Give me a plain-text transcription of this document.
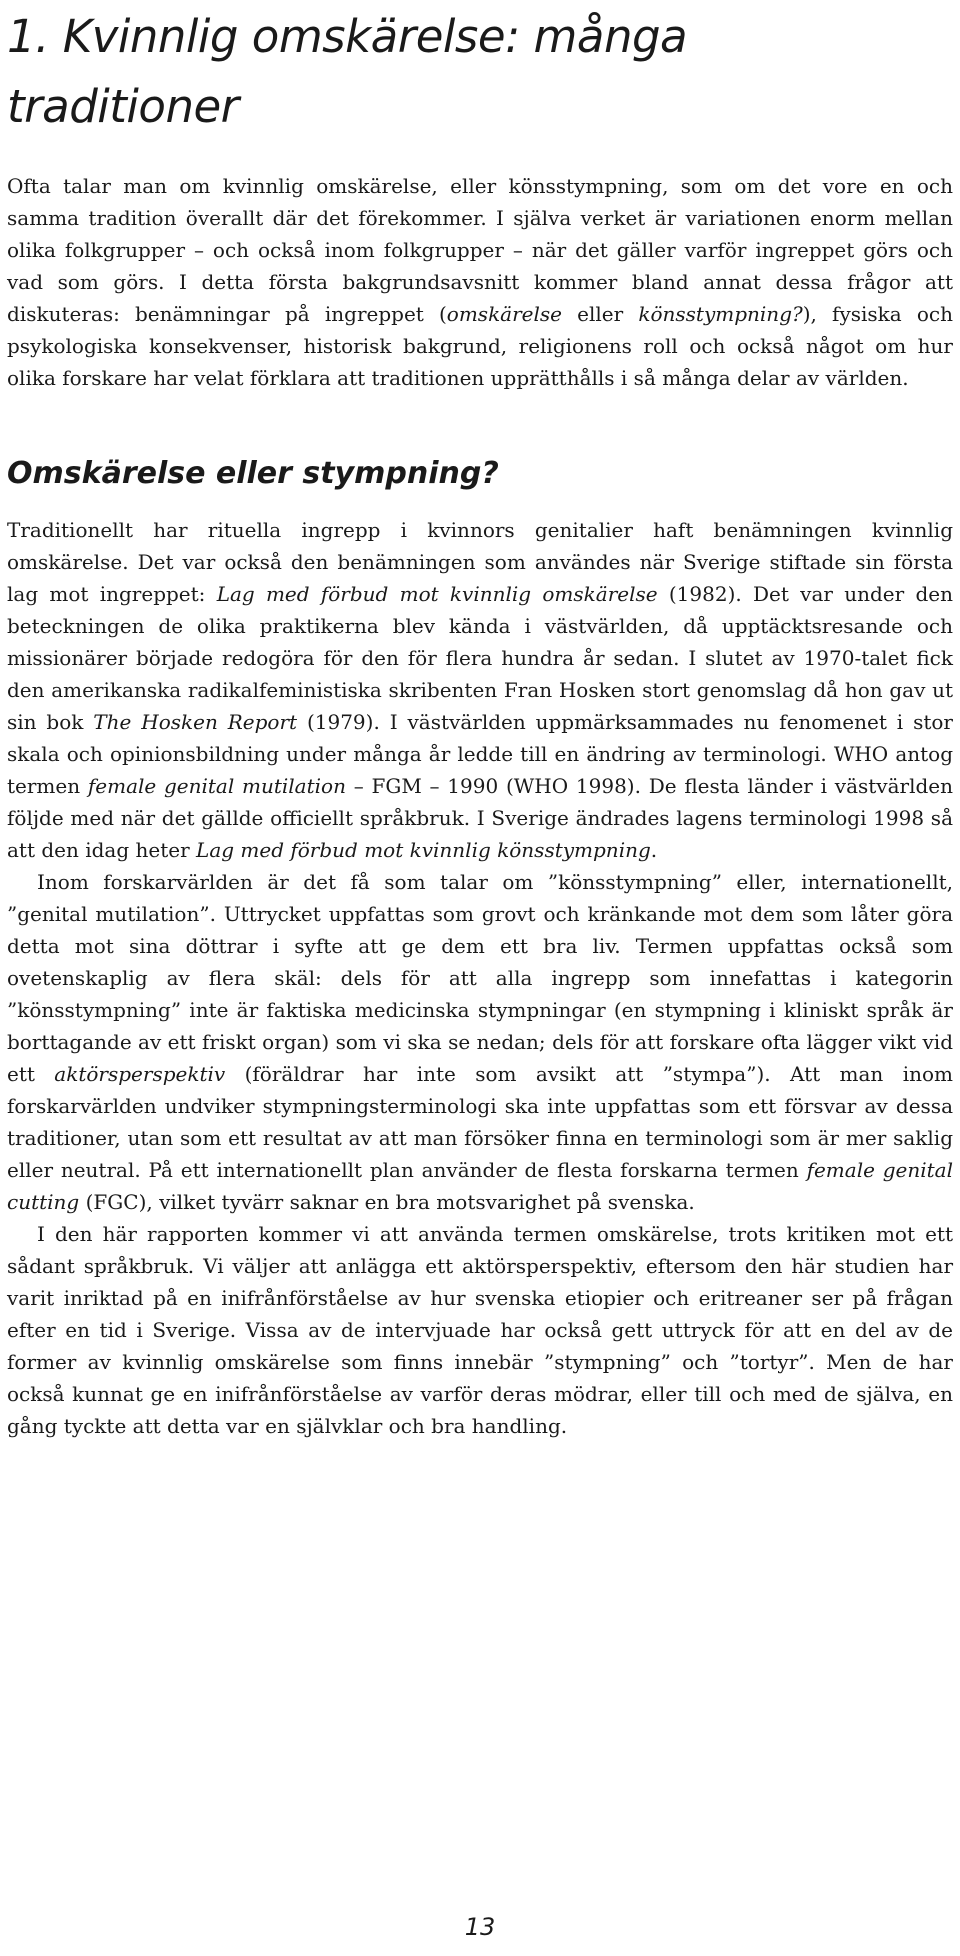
1. Kvinnlig omskärelse: många
traditioner

Ofta talar man om kvinnlig omskärelse, eller könsstympning, som om det vore en och samma tradition överallt där det förekommer. I själva verket är variationen enorm mellan olika folkgrupper – och också inom folkgrupper – när det gäller varför ingreppet görs och vad som görs. I detta första bakgrundsavsnitt kommer bland annat dessa frågor att diskuteras: benämningar på ingreppet (omskärelse eller könsstympning?), fysiska och psykologiska konsekvenser, historisk bakgrund, religionens roll och också något om hur olika forskare har velat förklara att traditionen upprätthålls i så många delar av världen.

Omskärelse eller stympning?

Traditionellt har rituella ingrepp i kvinnors genitalier haft benämningen kvinnlig omskärelse. Det var också den benämningen som användes när Sverige stiftade sin första lag mot ingreppet: Lag med förbud mot kvinnlig omskärelse (1982). Det var under den beteckningen de olika praktikerna blev kända i västvärlden, då upptäcktsresande och missionärer började redogöra för den för flera hundra år sedan. I slutet av 1970-talet fick den amerikanska radikalfeministiska skribenten Fran Hosken stort genomslag då hon gav ut sin bok The Hosken Report (1979). I västvärlden uppmärksammades nu fenomenet i stor skala och opinionsbildning under många år ledde till en ändring av terminologi. WHO antog termen female genital mutilation – FGM – 1990 (WHO 1998). De flesta länder i västvärlden följde med när det gällde officiellt språkbruk. I Sverige ändrades lagens terminologi 1998 så att den idag heter Lag med förbud mot kvinnlig könsstympning.

Inom forskarvärlden är det få som talar om ”könsstympning” eller, internationellt, ”genital mutilation”. Uttrycket uppfattas som grovt och kränkande mot dem som låter göra detta mot sina döttrar i syfte att ge dem ett bra liv. Termen uppfattas också som ovetenskaplig av flera skäl: dels för att alla ingrepp som innefattas i kategorin ”könsstympning” inte är faktiska medicinska stympningar (en stympning i kliniskt språk är borttagande av ett friskt organ) som vi ska se nedan; dels för att forskare ofta lägger vikt vid ett aktörsperspektiv (föräldrar har inte som avsikt att ”stympa”). Att man inom forskarvärlden undviker stympningsterminologi ska inte uppfattas som ett försvar av dessa traditioner, utan som ett resultat av att man försöker finna en terminologi som är mer saklig eller neutral. På ett internationellt plan använder de flesta forskarna termen female genital cutting (FGC), vilket tyvärr saknar en bra motsvarighet på svenska.

I den här rapporten kommer vi att använda termen omskärelse, trots kritiken mot ett sådant språkbruk. Vi väljer att anlägga ett aktörsperspektiv, eftersom den här studien har varit inriktad på en inifrånförståelse av hur svenska etiopier och eritreaner ser på frågan efter en tid i Sverige. Vissa av de intervjuade har också gett uttryck för att en del av de former av kvinnlig omskärelse som finns innebär ”stympning” och ”tortyr”. Men de har också kunnat ge en inifrånförståelse av varför deras mödrar, eller till och med de själva, en gång tyckte att detta var en självklar och bra handling.

13
